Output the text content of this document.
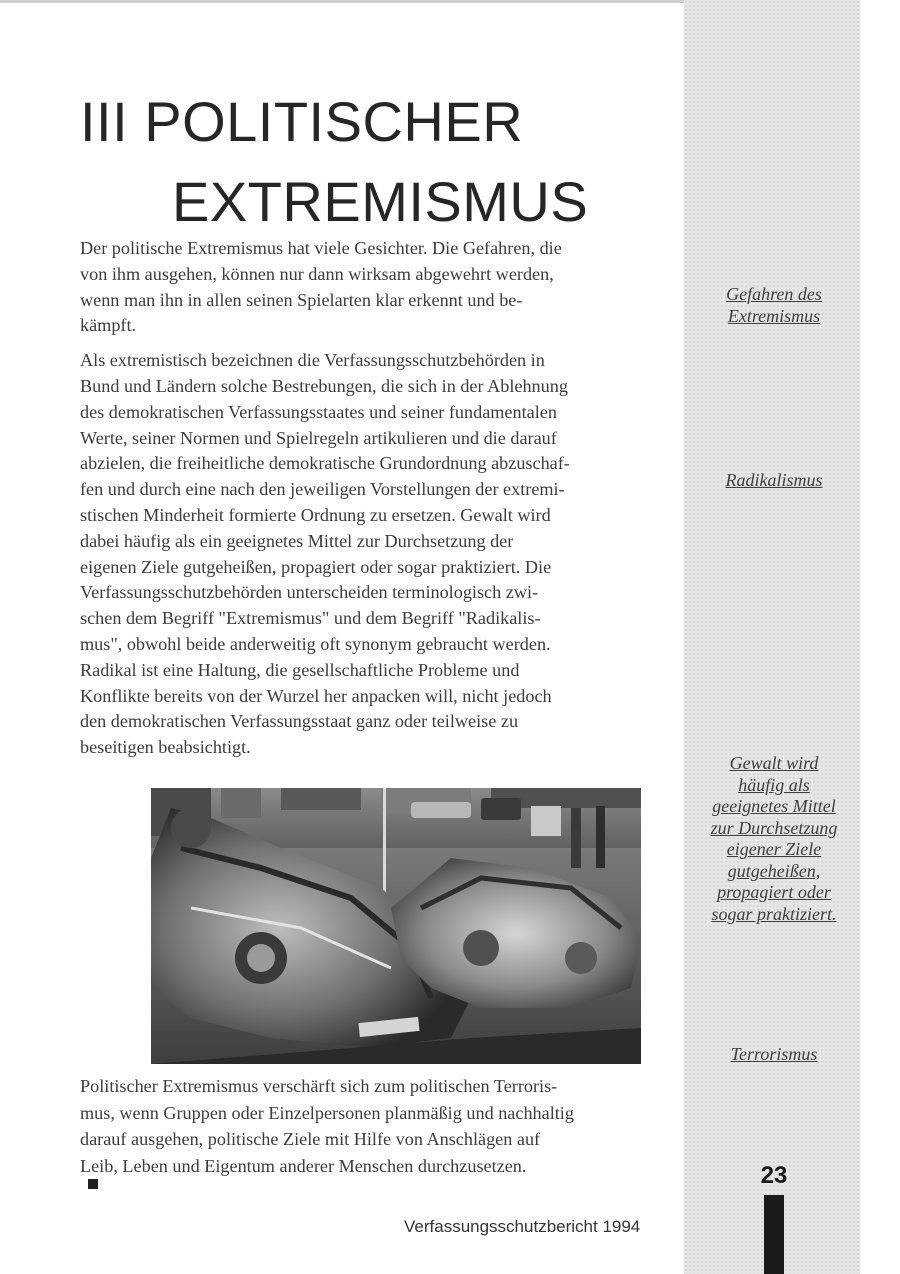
III POLITISCHER
EXTREMISMUS

Der politische Extremismus hat viele Gesichter. Die Gefahren, die
von ihm ausgehen, können nur dann wirksam abgewehrt werden,
wenn man ihn in allen seinen Spielarten klar erkennt und be-
kämpft.

Als extremistisch bezeichnen die Verfassungsschutzbehörden in
Bund und Ländern solche Bestrebungen, die sich in der Ablehnung
des demokratischen Verfassungsstaates und seiner fundamentalen
Werte, seiner Normen und Spielregeln artikulieren und die darauf
abzielen, die freiheitliche demokratische Grundordnung abzuschaf-
fen und durch eine nach den jeweiligen Vorstellungen der extremi-
stischen Minderheit formierte Ordnung zu ersetzen. Gewalt wird
dabei häufig als ein geeignetes Mittel zur Durchsetzung der
eigenen Ziele gutgeheißen, propagiert oder sogar praktiziert. Die
Verfassungsschutzbehörden unterscheiden terminologisch zwi-
schen dem Begriff "Extremismus" und dem Begriff "Radikalis-
mus", obwohl beide anderweitig oft synonym gebraucht werden.
Radikal ist eine Haltung, die gesellschaftliche Probleme und
Konflikte bereits von der Wurzel her anpacken will, nicht jedoch
den demokratischen Verfassungsstaat ganz oder teilweise zu
beseitigen beabsichtigt.

Politischer Extremismus verschärft sich zum politischen Terroris-
mus, wenn Gruppen oder Einzelpersonen planmäßig und nachhaltig
darauf ausgehen, politische Ziele mit Hilfe von Anschlägen auf
Leib, Leben und Eigentum anderer Menschen durchzusetzen.

Gefahren des
Extremismus
Radikalismus
Gewalt wird
häufig als
geeignetes Mittel
zur Durchsetzung
eigener Ziele
gutgeheißen,
propagiert oder
sogar praktiziert.
Terrorismus
23
Verfassungsschutzbericht 1994
